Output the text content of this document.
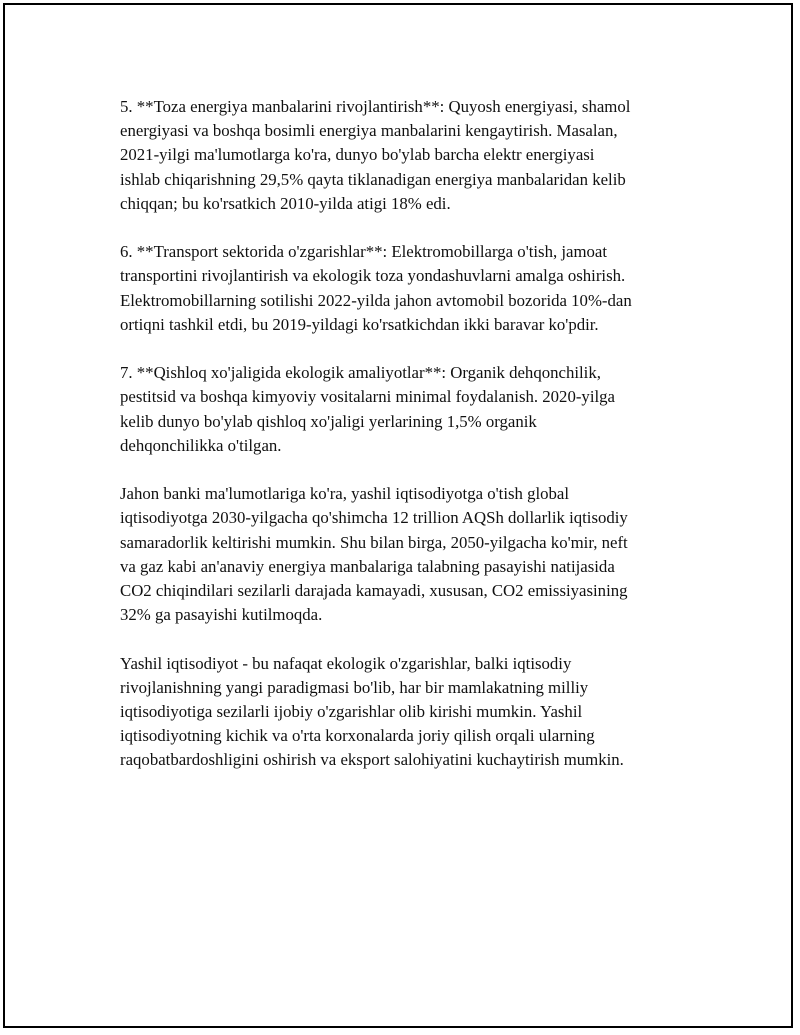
5. **Toza energiya manbalarini rivojlantirish**: Quyosh energiyasi, shamol
energiyasi va boshqa bosimli energiya manbalarini kengaytirish. Masalan,
2021-yilgi ma'lumotlarga ko'ra, dunyo bo'ylab barcha elektr energiyasi
ishlab chiqarishning 29,5% qayta tiklanadigan energiya manbalaridan kelib
chiqqan; bu ko'rsatkich 2010-yilda atigi 18% edi.

6. **Transport sektorida o'zgarishlar**: Elektromobillarga o'tish, jamoat
transportini rivojlantirish va ekologik toza yondashuvlarni amalga oshirish.
Elektromobillarning sotilishi 2022-yilda jahon avtomobil bozorida 10%-dan
ortiqni tashkil etdi, bu 2019-yildagi ko'rsatkichdan ikki baravar ko'pdir.

7. **Qishloq xo'jaligida ekologik amaliyotlar**: Organik dehqonchilik,
pestitsid va boshqa kimyoviy vositalarni minimal foydalanish. 2020-yilga
kelib dunyo bo'ylab qishloq xo'jaligi yerlarining 1,5% organik
dehqonchilikka o'tilgan.

Jahon banki ma'lumotlariga ko'ra, yashil iqtisodiyotga o'tish global
iqtisodiyotga 2030-yilgacha qo'shimcha 12 trillion AQSh dollarlik iqtisodiy
samaradorlik keltirishi mumkin. Shu bilan birga, 2050-yilgacha ko'mir, neft
va gaz kabi an'anaviy energiya manbalariga talabning pasayishi natijasida
CO2 chiqindilari sezilarli darajada kamayadi, xususan, CO2 emissiyasining
32% ga pasayishi kutilmoqda.

Yashil iqtisodiyot - bu nafaqat ekologik o'zgarishlar, balki iqtisodiy
rivojlanishning yangi paradigmasi bo'lib, har bir mamlakatning milliy
iqtisodiyotiga sezilarli ijobiy o'zgarishlar olib kirishi mumkin. Yashil
iqtisodiyotning kichik va o'rta korxonalarda joriy qilish orqali ularning
raqobatbardoshligini oshirish va eksport salohiyatini kuchaytirish mumkin.
